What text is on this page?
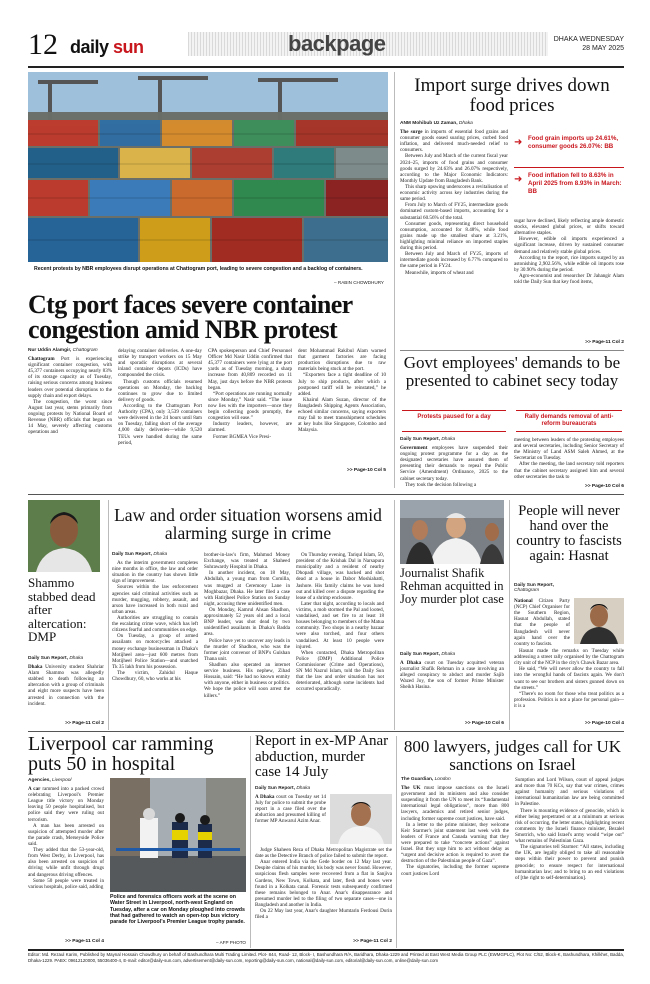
12 daily sun	backpage	DHAKA WEDNESDAY
28 MAY 2025
Recent protests by NBR employees disrupt operations at Chattogram port, leading to severe congestion and a backlog of containers.
– RABIN CHOWDHURY
Ctg port faces severe container congestion amid NBR protest
Nur Uddin Alamgir, Chattogram

Chattogram Port is experiencing significant container congestion, with 45,377 containers occupying nearly 83% of its storage capacity as of Tuesday, raising serious concerns among business leaders over potential disruptions to the supply chain and export delays.

The congestion, the worst since August last year, stems primarily from ongoing protests by National Board of Revenue (NBR) officials that began on 14 May, severely affecting customs operations and

delaying container deliveries. A one-day strike by transport workers on 15 May and sporadic disruptions at several inland container depots (ICDs) have compounded the crisis.

Though customs officials resumed operations on Monday, the backlog continues to grow due to limited delivery of goods.

According to the Chattogram Port Authority (CPA), only 3,539 containers were delivered in the 24 hours until 8am on Tuesday, falling short of the average 4,000 daily deliveries—while 9,520 TEUs were handled during the same period,

CPA spokesperson and Chief Personnel Officer Md Nasir Uddin confirmed that 45,377 containers were lying at the port yards as of Tuesday morning, a sharp increase from 40,809 recorded on 11 May, just days before the NBR protests began.

“Port operations are running normally since Monday,” Nasir said. “The issue now lies with the importers—once they begin collecting goods promptly, the congestion will ease.”

Industry leaders, however, are alarmed.

Former BGMEA Vice Presi-

dent Mohammad Rakibul Alam warned that garment factories are facing production disruptions due to raw materials being stuck at the port.

“Exporters face a tight deadline of 10 July to ship products, after which a postponed tariff will be reinstated,” he added.

Khairul Alam Suzan, director of the Bangladesh Shipping Agents Association, echoed similar concerns, saying exporters may fail to meet transshipment schedules at key hubs like Singapore, Colombo and Malaysia.

>> Page-10 Col 5
Import surge drives down food prices
ANM Mohibub Uz Zaman, Dhaka

The surge in imports of essential food grains and consumer goods eased soaring prices, curbed food inflation, and delivered much-needed relief to consumers.

Between July and March of the current fiscal year 2024–25, imports of food grains and consumer goods surged by 24.63% and 26.07% respectively, according to the Major Economic Indicators: Monthly Update from Bangladesh Bank.

This sharp upswing underscores a revitalisation of economic activity across key industries during the same period.

From July to March of FY25, intermediate goods dominated custom-based imports, accounting for a substantial 60.56% of the total.

Consumer goods, representing direct household consumption, accounted for 8.48%, while food grains made up the smallest share at 3.21%, highlighting minimal reliance on imported staples during this period.

Between July and March of FY25, imports of intermediate goods increased by 6.77% compared to the same period in FY24.

Meanwhile, imports of wheat and

➜ Food grain imports up 24.61%, consumer goods 26.07%: BB
➜ Food inflation fell to 8.63% in April 2025 from 8.93% in March: BB

sugar have declined, likely reflecting ample domestic stocks, elevated global prices, or shifts toward alternative staples.

However, edible oil imports experienced a significant increase, driven by sustained consumer demand and relatively stable global prices.

According to the report, rice imports surged by an astonishing 2,902.56%, while edible oil imports rose by 30.90% during the period.

Agro-economist and researcher Dr Jahangir Alam told the Daily Sun that key food items,

>> Page-11 Col 2
Govt employees' demands to be presented to cabinet secy today
Protests paused for a day	Rally demands removal of anti-reform bureaucrats
Daily Sun Report, Dhaka

Government employees have suspended their ongoing protest programme for a day as the designated secretaries have assured them of presenting their demands to repeal the Public Service (Amendment) Ordinance, 2025 to the cabinet secretary today.

They took the decision following a

meeting between leaders of the protesting employees and several secretaries, including Senior Secretary of the Ministry of Land ASM Saleh Ahmed, at the Secretariat on Tuesday.

After the meeting, the land secretary told reporters that the cabinet secretary assigned him and several other secretaries the task to

>> Page-10 Col 6
Shammo stabbed dead after altercation: DMP
Daily Sun Report, Dhaka

Dhaka University student Shahriar Alam Shammo was allegedly stabbed to death following an altercation with a group of criminals and eight more suspects have been arrested in connection with the incident.

>> Page-11 Col 2
Law and order situation worsens amid alarming surge in crime
Daily Sun Report, Dhaka

As the interim government completes nine months in office, the law and order situation in the country has shown little sign of improvement.

Sources within the law enforcement agencies said criminal activities such as murder, mugging, robbery, assault, and arson have increased in both rural and urban areas.

Authorities are struggling to contain the escalating crime wave, which has left citizens fearful and communities on edge.

On Tuesday, a group of armed assailants on motorcycles attacked a money exchange businessman in Dhaka's Motijheel area—just 600 metres from Motijheel Police Station—and snatched Tk 35 lakh from his possession.

The victim, Zahidul Haque Chowdhury, 60, who works at his

brother-in-law's firm, Mahmud Money Exchange, was treated at Shaheed Suhrawardy Hospital in Dhaka.

In another incident, on 18 May, Abdullah, a young man from Comilla, was mugged at Ceremony Lane in Moghbazar, Dhaka. He later filed a case with Hatirjheel Police Station on Sunday night, accusing three unidentified men.

On Monday, Kamrul Ahsan Shadhon, approximately 52 years old and a local BNP leader, was shot dead by two unidentified assailants in Dhaka's Badda area.

Police have yet to uncover any leads in the murder of Shadhon, who was the former joint convenor of BNP's Gulshan Thana unit.

Shadhon also operated an internet service business. His nephew, Zihad Hossain, said: “He had no known enmity with anyone, either in business or politics. We hope the police will soon arrest the killers.”

On Thursday evening, Tariqul Islam, 50, president of the Krishak Dal in Narsapura municipality and a resident of nearby Dhopadi village, was hacked and shot dead at a house in Dabor Moshiahatti, Jashore. His family claims he was lured out and killed over a dispute regarding the lease of a shrimp enclosure.

Later that night, according to locals and victims, a mob stormed the Pal and looted, vandalised, and set fire to at least 18 houses belonging to members of the Matua community. Two shops in a nearby bazaar were also torched, and four others vandalised. At least 10 people were injured.

When contacted, Dhaka Metropolitan Police (DMP) Additional Police Commissioner (Crime and Operations), SN Md Nazrul Islam, told the Daily Sun that the law and order situation has not deteriorated, although some incidents had occurred sporadically.

Journalist Shafik Rehman acquitted in Joy murder plot case
Daily Sun Report, Dhaka

A Dhaka court on Tuesday acquitted veteran journalist Shafik Rehman in a case involving an alleged conspiracy to abduct and murder Sajib Wazed Joy, the son of former Prime Minister Sheikh Hasina.

>> Page-10 Col 6
People will never hand over the country to fascists again: Hasnat
Daily Sun Report,
Chattogram

National Citizen Party (NCP) Chief Organiser for the Southern Region, Hasnat Abdullah, stated that the people of Bangladesh will never again hand over the country to fascists.

Hasnat made the remarks on Tuesday while addressing a street rally organised by the Chattogram city unit of the NCP in the city's Chawk Bazar area.

He said, “We will never allow the country to fall into the wrongful hands of fascists again. We don't want to see our brothers and sisters gunned down on the streets.”

“There's no room for those who treat politics as a profession. Politics is not a place for personal gain—it is a

>> Page-10 Col 4
Liverpool car ramming puts 50 in hospital
Agencies, Liverpool

A car rammed into a packed crowd celebrating Liverpool's Premier League title victory on Monday leaving 50 people hospitalised, but police said they were ruling out terrorism.

A man has been arrested on suspicion of attempted murder after the parade crash, Merseyside Police said.

They added that the 53-year-old, from West Derby, in Liverpool, has also been arrested on suspicion of driving while unfit through drugs and dangerous driving offences.

Some 50 people were treated in various hospitals, police said, adding

>> Page-11 Col 4
Police and forensics officers work at the scene on Water Street in Liverpool, north-west England on Tuesday, after a car on Monday ploughed into crowds that had gathered to watch an open-top bus victory parade for Liverpool's Premier League trophy parade.
– AFP PHOTO
Report in ex-MP Anar abduction, murder case 14 July
Daily Sun Report, Dhaka

A Dhaka court on Tuesday set 14 July for police to submit the probe report in a case filed over the abduction and presumed killing of former MP Anwarul Azim Anar.

Judge Shaheen Reza of Dhaka Metropolitan Magistrate set the date as the Detective Branch of police failed to submit the report.

Anar entered India via the Gede border on 12 May last year. Despite claims of his murder, his body was never found. However, suspicious flesh samples were recovered from a flat in Sanjiva Gardens, New Town, Kolkata, and later, flesh and bones were found in a Kolkata canal. Forensic tests subsequently confirmed these remains belonged to Anar. Anar's disappearance and presumed murder led to the filing of two separate cases—one in Bangladesh and another in India.

On 22 May last year, Anar's daughter Mumtarin Ferdousi Dorin filed a

>> Page-11 Col 2
800 lawyers, judges call for UK sanctions on Israel
The Guardian, London

The UK must impose sanctions on the Israeli government and its ministers and also consider suspending it from the UN to meet its “fundamental international legal obligations”, more than 800 lawyers, academics and retired senior judges, including former supreme court justices, have said.

In a letter to the prime minister, they welcome Keir Starmer's joint statement last week with the leaders of France and Canada warning that they were prepared to take “concrete actions” against Israel. But they urge him to act without delay as “urgent and decisive action is required to avert the destruction of the Palestinian people of Gaza”.

The signatories, including the former supreme court justices Lord

Sumption and Lord Wilson, court of appeal judges and more than 70 KCs, say that war crimes, crimes against humanity and serious violations of international humanitarian law are being committed in Palestine.

There is mounting evidence of genocide, which is either being perpetrated or at a minimum at serious risk of occurring, the letter states, highlighting recent comments by the Israeli finance minister, Bezalel Smotrich, who said Israel's army would “wipe out” what remains of Palestinian Gaza.

The signatories tell Starmer: “All states, including the UK, are legally obliged to take all reasonable steps within their power to prevent and punish genocide; to ensure respect for international humanitarian law; and to bring to an end violations of [the right to self-determination].

Editor: Md. Rezaul Karim, Published by Maynal Hossain Chowdhury on behalf of Bashundhara Multi Trading Limited. Plot- 844, Road- 12, Block- I, Bashundhara R/A, Baridhara, Dhaka-1229 and Printed at East West Media Group PLC (EWMGPLC), Plot No: C/52, Block-K, Bashundhara, Khilkhet, Badda, Dhaka-1229. PABX: 09612120000, 55036400-4, E-mail: editor@daily-sun.com, advertisement@daily-sun.com, reporting@daily-sun.com, national@daily-sun.com, editorial@daily-sun.com, online@daily-sun.com
